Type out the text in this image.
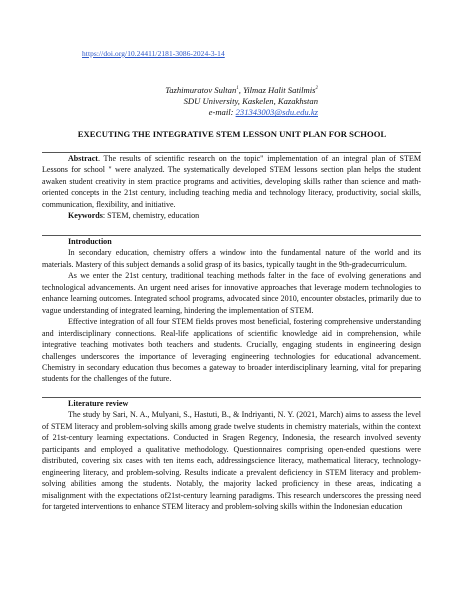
https://doi.org/10.24411/2181-3086-2024-3-14
Tazhimuratov Sultan$^1$, Yilmaz Halit Satilmis$^2$
SDU University, Kaskelen, Kazakhstan
e-mail: 231343003@sdu.edu.kz
EXECUTING THE INTEGRATIVE STEM LESSON UNIT PLAN FOR SCHOOL

Abstract. The results of scientific research on the topic" implementation of an integral plan of STEM Lessons for school " were analyzed. The systematically developed STEM lessons section plan helps the student awaken student creativity in stem practice programs and activities, developing skills rather than science and math-oriented concepts in the 21st century, including teaching media and technology literacy, productivity, social skills, communication, flexibility, and initiative.

Keywords: STEM, chemistry, education
Introduction

In secondary education, chemistry offers a window into the fundamental nature of the world and its materials. Mastery of this subject demands a solid grasp of its basics, typically taught in the 9th-gradecurriculum.

As we enter the 21st century, traditional teaching methods falter in the face of evolving generations and technological advancements. An urgent need arises for innovative approaches that leverage modern technologies to enhance learning outcomes. Integrated school programs, advocated since 2010, encounter obstacles, primarily due to vague understanding of integrated learning, hindering the implementation of STEM.

Effective integration of all four STEM fields proves most beneficial, fostering comprehensive understanding and interdisciplinary connections. Real-life applications of scientific knowledge aid in comprehension, while integrative teaching motivates both teachers and students. Crucially, engaging students in engineering design challenges underscores the importance of leveraging engineering technologies for educational advancement. Chemistry in secondary education thus becomes a gateway to broader interdisciplinary learning, vital for preparing students for the challenges of the future.

Literature review

The study by Sari, N. A., Mulyani, S., Hastuti, B., & Indriyanti, N. Y. (2021, March) aims to assess the level of STEM literacy and problem-solving skills among grade twelve students in chemistry materials, within the context of 21st-century learning expectations. Conducted in Sragen Regency, Indonesia, the research involved seventy participants and employed a qualitative methodology. Questionnaires comprising open-ended questions were distributed, covering six cases with ten items each, addressingscience literacy, mathematical literacy, technology-engineering literacy, and problem-solving. Results indicate a prevalent deficiency in STEM literacy and problem-solving abilities among the students. Notably, the majority lacked proficiency in these areas, indicating a misalignment with the expectations of21st-century learning paradigms. This research underscores the pressing need for targeted interventions to enhance STEM literacy and problem-solving skills within the Indonesian education
